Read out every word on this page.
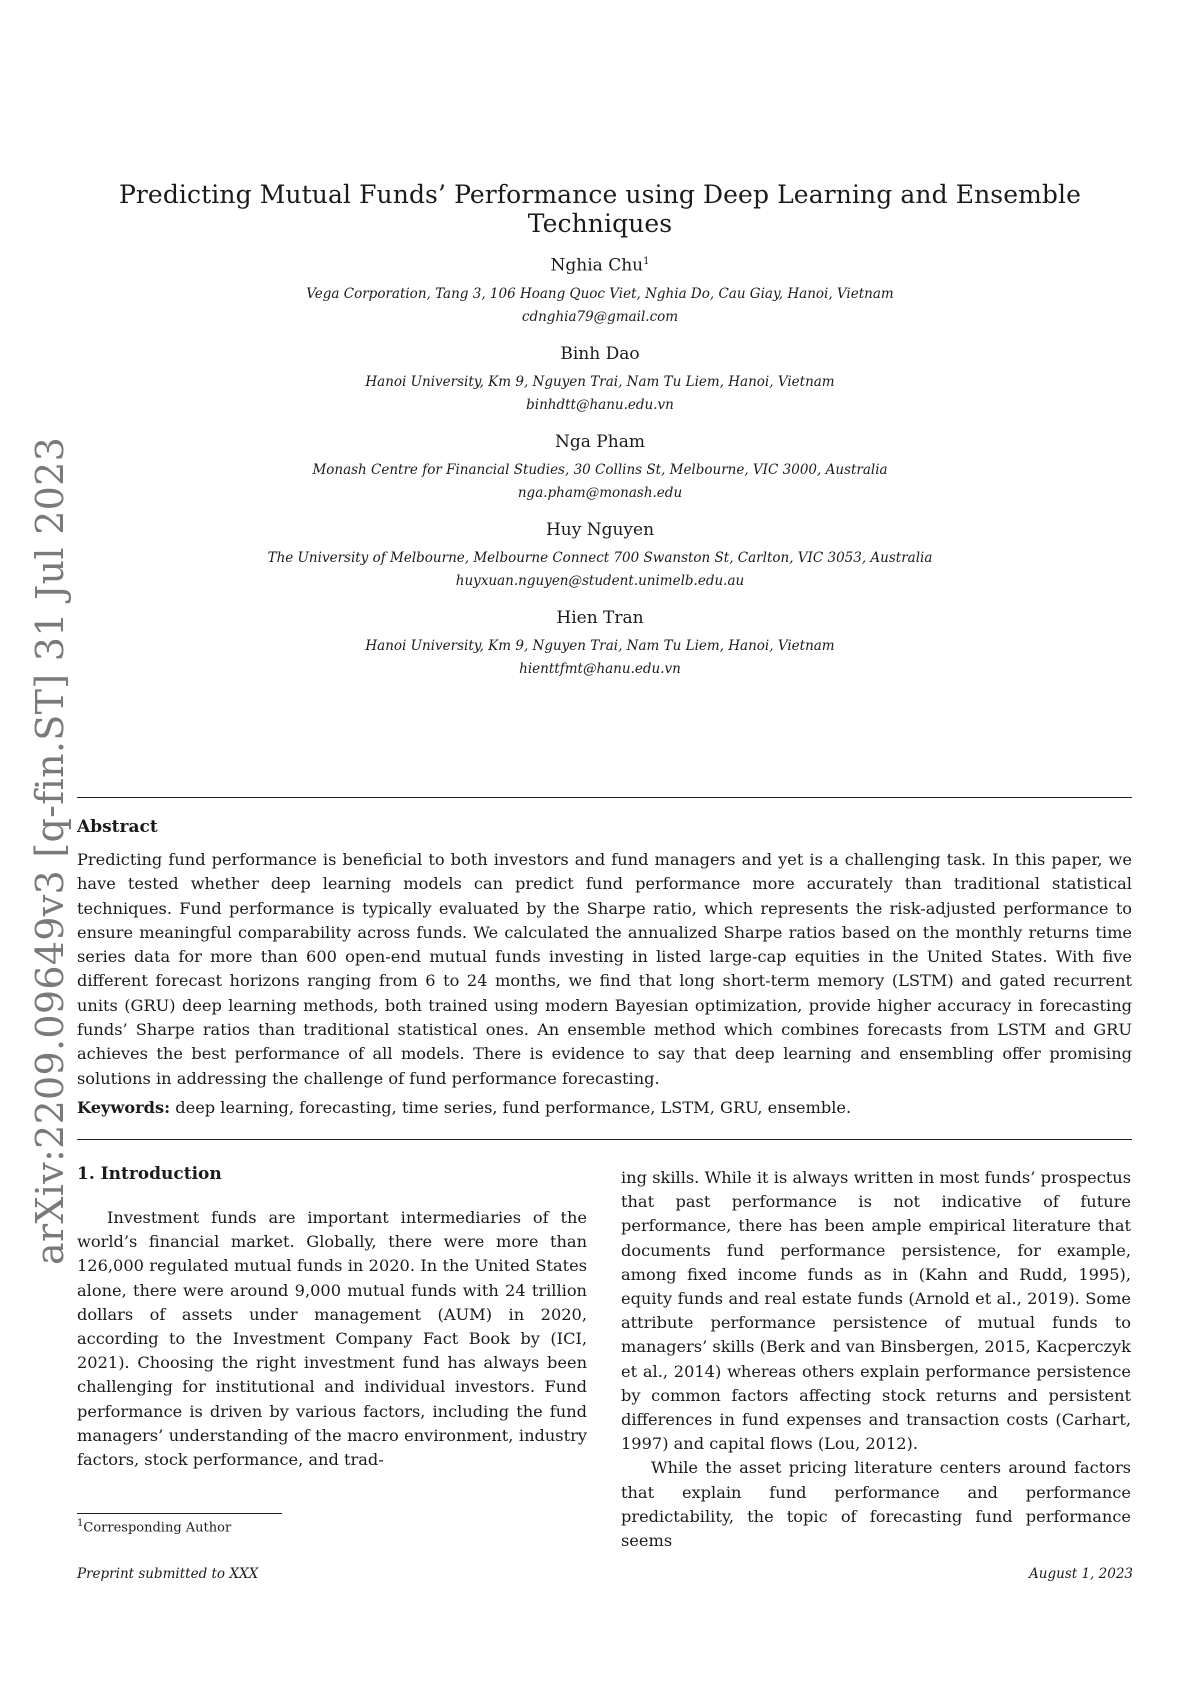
Predicting Mutual Funds’ Performance using Deep Learning and Ensemble Techniques
Nghia Chu$^1$
Vega Corporation, Tang 3, 106 Hoang Quoc Viet, Nghia Do, Cau Giay, Hanoi, Vietnam
cdnghia79@gmail.com
Binh Dao
Hanoi University, Km 9, Nguyen Trai, Nam Tu Liem, Hanoi, Vietnam
binhdtt@hanu.edu.vn
Nga Pham
Monash Centre for Financial Studies, 30 Collins St, Melbourne, VIC 3000, Australia
nga.pham@monash.edu
Huy Nguyen
The University of Melbourne, Melbourne Connect 700 Swanston St, Carlton, VIC 3053, Australia
huyxuan.nguyen@student.unimelb.edu.au
Hien Tran
Hanoi University, Km 9, Nguyen Trai, Nam Tu Liem, Hanoi, Vietnam
hienttfmt@hanu.edu.vn
arXiv:2209.09649v3 [q-fin.ST] 31 Jul 2023 Abstract
Predicting fund performance is beneficial to both investors and fund managers and yet is a challenging task. In this paper, we have tested whether deep learning models can predict fund performance more accurately than traditional statistical techniques. Fund performance is typically evaluated by the Sharpe ratio, which represents the risk-adjusted performance to ensure meaningful comparability across funds. We calculated the annualized Sharpe ratios based on the monthly returns time series data for more than 600 open-end mutual funds investing in listed large-cap equities in the United States. With five different forecast horizons ranging from 6 to 24 months, we find that long short-term memory (LSTM) and gated recurrent units (GRU) deep learning methods, both trained using modern Bayesian optimization, provide higher accuracy in forecasting funds’ Sharpe ratios than traditional statistical ones. An ensemble method which combines forecasts from LSTM and GRU achieves the best performance of all models. There is evidence to say that deep learning and ensembling offer promising solutions in addressing the challenge of fund performance forecasting.
Keywords: deep learning, forecasting, time series, fund performance, LSTM, GRU, ensemble.
1. Introduction

Investment funds are important intermediaries of the world’s financial market. Globally, there were more than 126,000 regulated mutual funds in 2020. In the United States alone, there were around 9,000 mutual funds with 24 trillion dollars of assets under management (AUM) in 2020, according to the Investment Company Fact Book by (ICI, 2021). Choosing the right investment fund has always been challenging for institutional and individual investors. Fund performance is driven by various factors, including the fund managers’ understanding of the macro environment, industry factors, stock performance, and trad-

ing skills. While it is always written in most funds’ prospectus that past performance is not indicative of future performance, there has been ample empirical literature that documents fund performance persistence, for example, among fixed income funds as in (Kahn and Rudd, 1995), equity funds and real estate funds (Arnold et al., 2019). Some attribute performance persistence of mutual funds to managers’ skills (Berk and van Binsbergen, 2015, Kacperczyk et al., 2014) whereas others explain performance persistence by common factors affecting stock returns and persistent differences in fund expenses and transaction costs (Carhart, 1997) and capital flows (Lou, 2012).

While the asset pricing literature centers around factors that explain fund performance and performance predictability, the topic of forecasting fund performance seems

$^1$Corresponding Author
Preprint submitted to XXX	August 1, 2023
